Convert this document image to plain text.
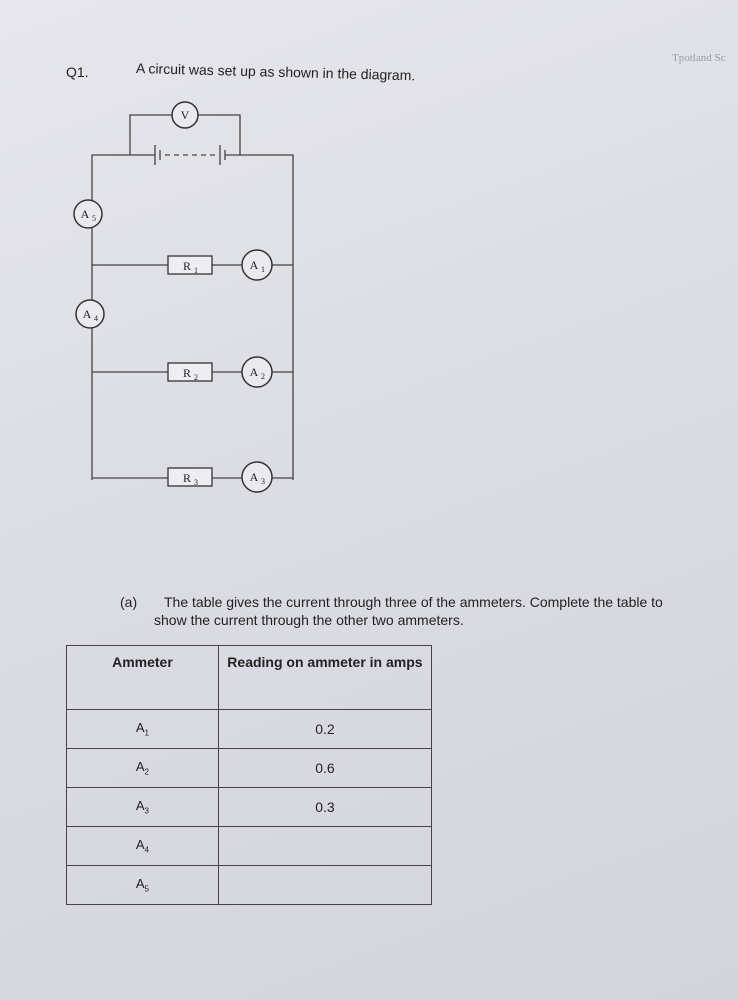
Tpotland Sc
Q1.	A circuit was set up as shown in the diagram.
V
A 5
A 4
R 1	A 1
R 2	A 2
R 3	A 3
(a) The table gives the current through three of the ammeters. Complete the table to
show the current through the other two ammeters.
Ammeter	Reading on ammeter in amps
$A_1$	0.2
$A_2$	0.6
$A_3$	0.3
$A_4$	
$A_5$	
